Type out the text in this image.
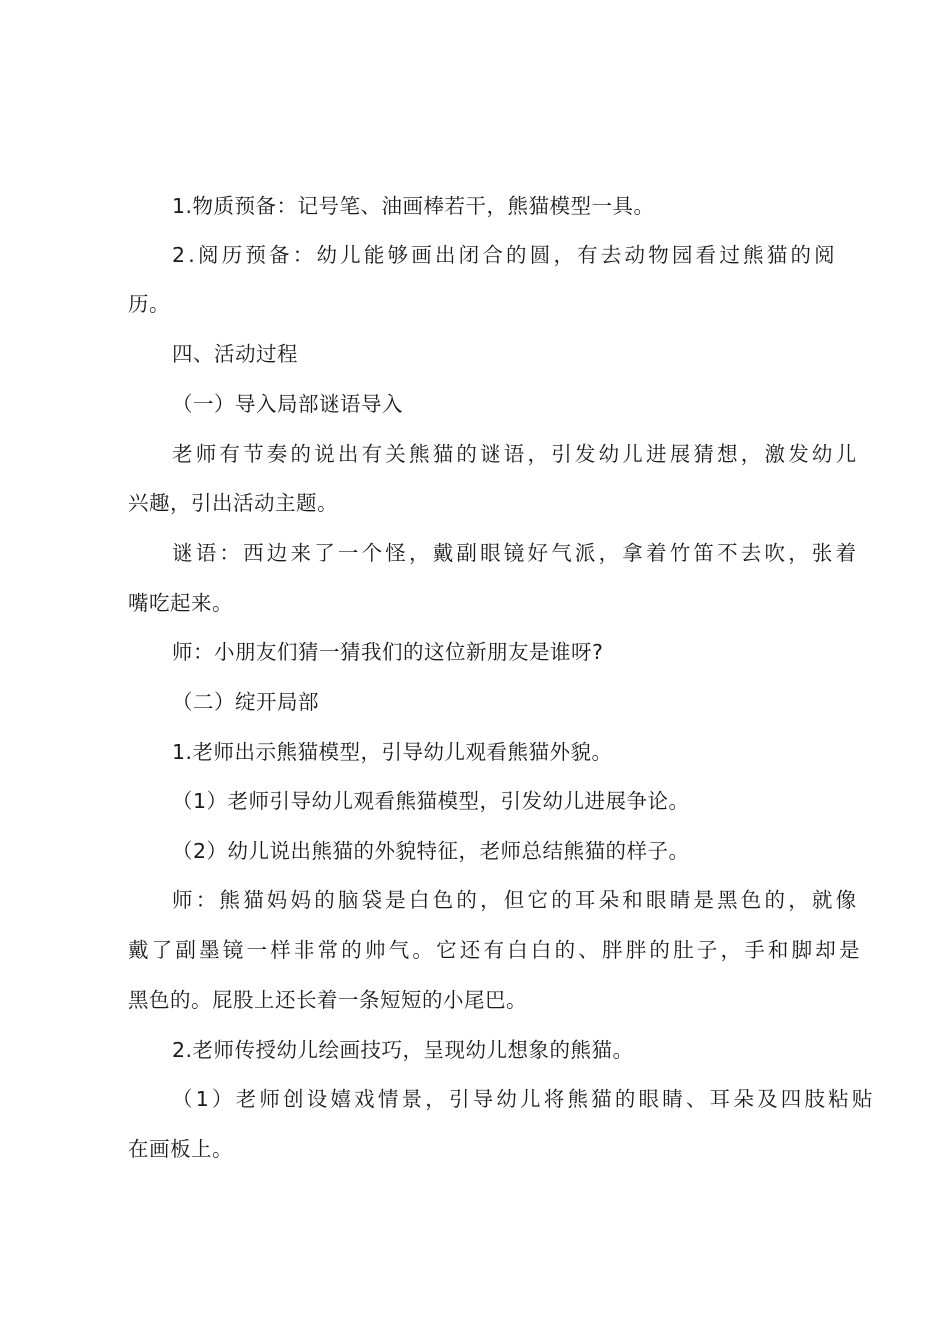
1.物质预备：记号笔、油画棒若干，熊猫模型一具。
2.阅历预备：幼儿能够画出闭合的圆，有去动物园看过熊猫的阅
历。
四、活动过程
（一）导入局部谜语导入
老师有节奏的说出有关熊猫的谜语，引发幼儿进展猜想，激发幼儿
兴趣，引出活动主题。
谜语：西边来了一个怪，戴副眼镜好气派，拿着竹笛不去吹，张着
嘴吃起来。
师：小朋友们猜一猜我们的这位新朋友是谁呀?
（二）绽开局部
1.老师出示熊猫模型，引导幼儿观看熊猫外貌。
（1）老师引导幼儿观看熊猫模型，引发幼儿进展争论。
（2）幼儿说出熊猫的外貌特征，老师总结熊猫的样子。
师：熊猫妈妈的脑袋是白色的，但它的耳朵和眼睛是黑色的，就像
戴了副墨镜一样非常的帅气。它还有白白的、胖胖的肚子，手和脚却是
黑色的。屁股上还长着一条短短的小尾巴。
2.老师传授幼儿绘画技巧，呈现幼儿想象的熊猫。
（1）老师创设嬉戏情景，引导幼儿将熊猫的眼睛、耳朵及四肢粘贴
在画板上。
